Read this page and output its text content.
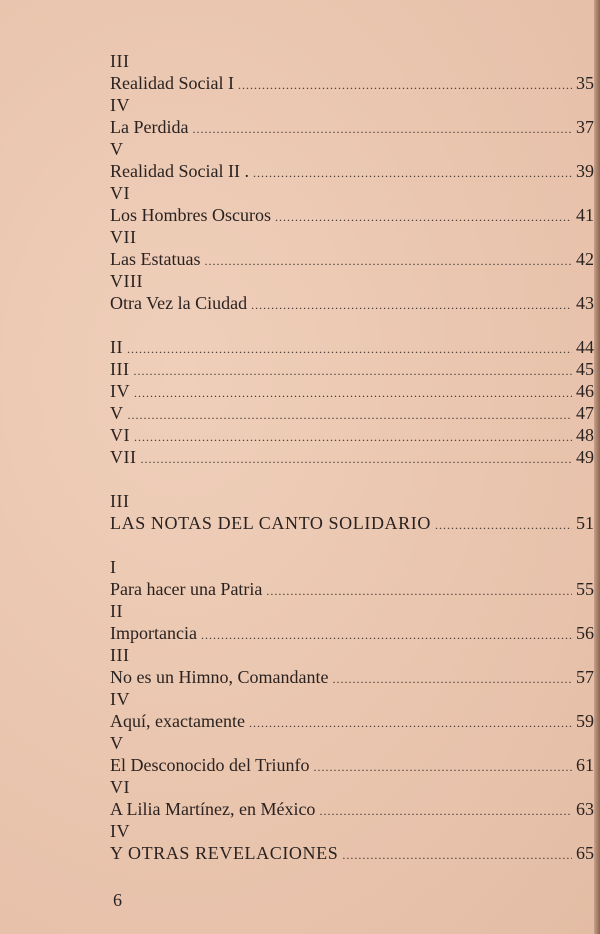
III
Realidad Social I .....	35
IV
La Perdida .....	37
V
Realidad Social II . .....	39
VI
Los Hombres Oscuros .....	41
VII
Las Estatuas .....	42
VIII
Otra Vez la Ciudad .....	43
II .....	44
III .....	45
IV .....	46
V .....	47
VI .....	48
VII .....	49
III
LAS NOTAS DEL CANTO SOLIDARIO .....	51
I
Para hacer una Patria .....	55
II
Importancia .....	56
III
No es un Himno, Comandante .....	57
IV
Aquí, exactamente .....	59
V
El Desconocido del Triunfo .....	61
VI
A Lilia Martínez, en México .....	63
IV
Y OTRAS REVELACIONES .....	65
6
